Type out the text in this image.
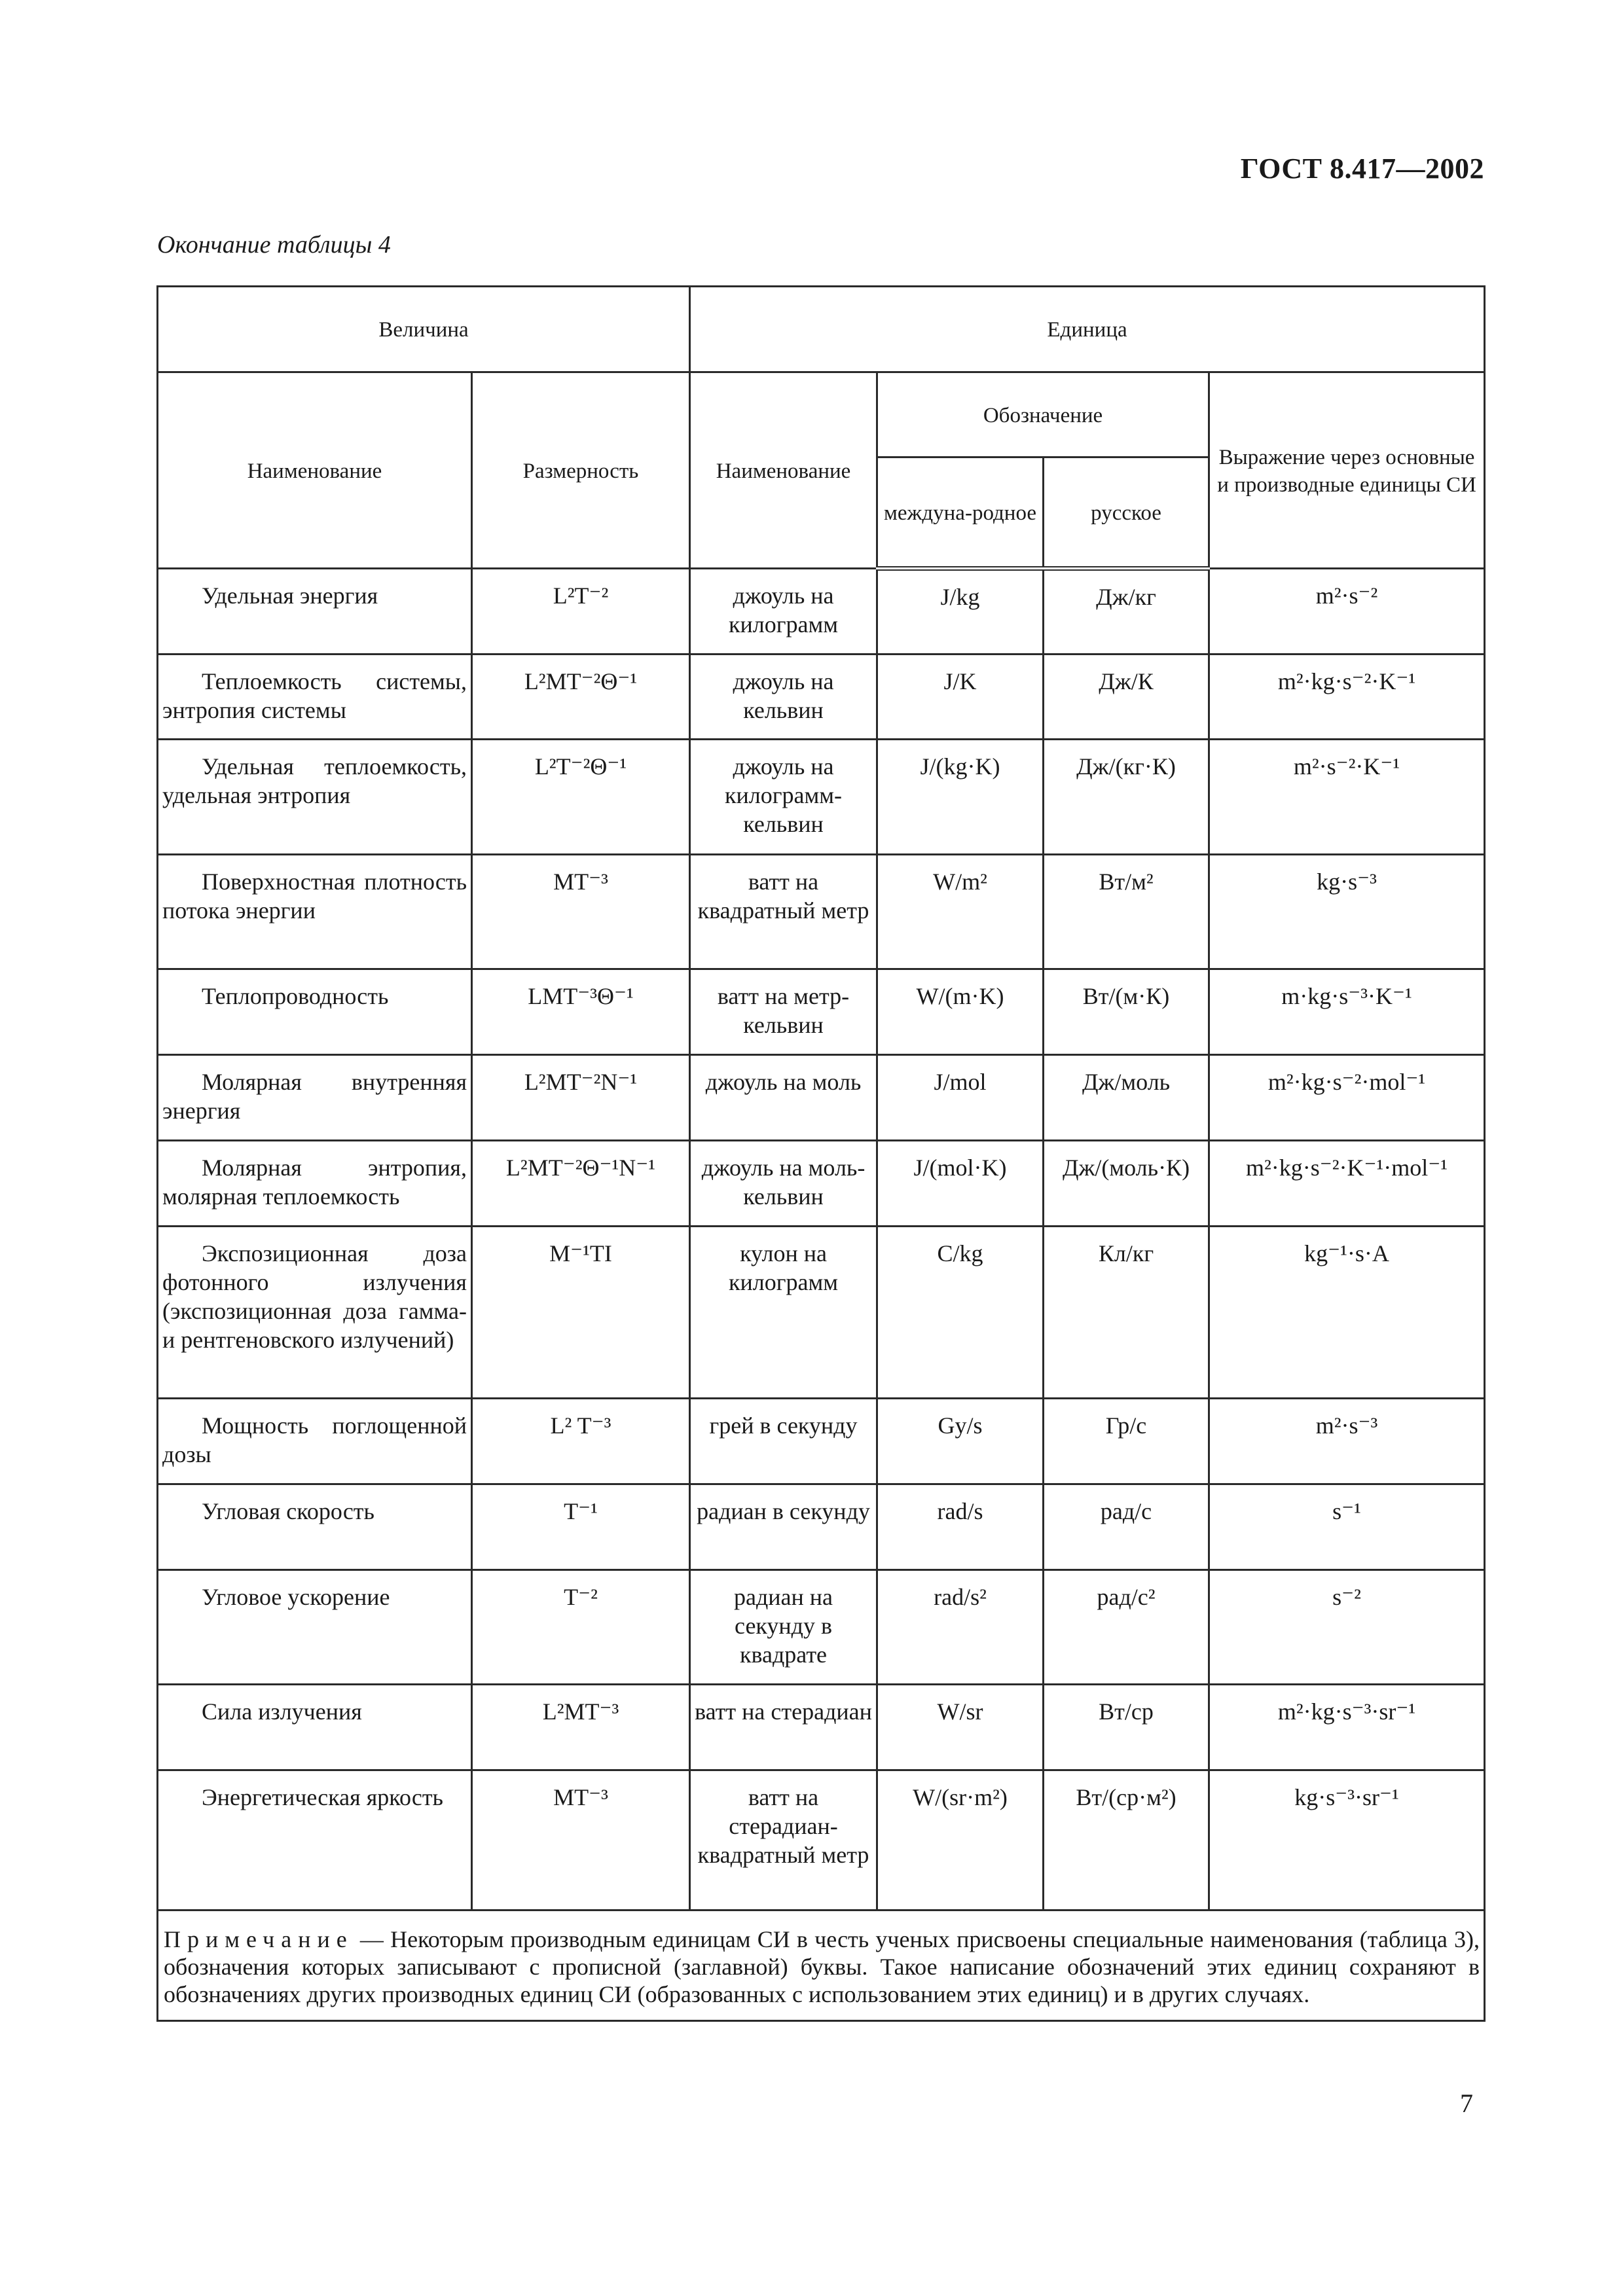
ГОСТ 8.417—2002
Окончание таблицы 4
Величина		Единица			
Наименование	Размерность	Наименование	Обозначение		Выражение через основные и производные единицы СИ
			междуна-родное	русское	
Удельная энергия	L²T⁻²	джоуль на килограмм	J/kg	Дж/кг	m²·s⁻²
Теплоемкость системы, энтропия системы	L²MT⁻²Θ⁻¹	джоуль на кельвин	J/K	Дж/К	m²·kg·s⁻²·K⁻¹
Удельная теплоемкость, удельная энтропия	L²T⁻²Θ⁻¹	джоуль на килограмм-кельвин	J/(kg·K)	Дж/(кг·К)	m²·s⁻²·K⁻¹
Поверхностная плотность потока энергии	MT⁻³	ватт на квадратный метр	W/m²	Вт/м²	kg·s⁻³
Теплопроводность	LMT⁻³Θ⁻¹	ватт на метр-кельвин	W/(m·K)	Вт/(м·К)	m·kg·s⁻³·K⁻¹
Молярная внутренняя энергия	L²MT⁻²N⁻¹	джоуль на моль	J/mol	Дж/моль	m²·kg·s⁻²·mol⁻¹
Молярная энтропия, молярная теплоемкость	L²MT⁻²Θ⁻¹N⁻¹	джоуль на моль-кельвин	J/(mol·K)	Дж/(моль·К)	m²·kg·s⁻²·K⁻¹·mol⁻¹
Экспозиционная доза фотонного излучения (экспозиционная доза гамма- и рентгеновского излучений)	M⁻¹TI	кулон на килограмм	C/kg	Кл/кг	kg⁻¹·s·A
Мощность поглощенной дозы	L² T⁻³	грей в секунду	Gy/s	Гр/с	m²·s⁻³
Угловая скорость	T⁻¹	радиан в секунду	rad/s	рад/с	s⁻¹
Угловое ускорение	T⁻²	радиан на секунду в квадрате	rad/s²	рад/с²	s⁻²
Сила излучения	L²MT⁻³	ватт на стерадиан	W/sr	Вт/ср	m²·kg·s⁻³·sr⁻¹
Энергетическая яркость	MT⁻³	ватт на стерадиан-квадратный метр	W/(sr·m²)	Вт/(ср·м²)	kg·s⁻³·sr⁻¹
Примечание — Некоторым производным единицам СИ в честь ученых присвоены специальные наименования (таблица 3), обозначения которых записывают с прописной (заглавной) буквы. Такое написание обозначений этих единиц сохраняют в обозначениях других производных единиц СИ (образованных с использованием этих единиц) и в других случаях.					
7
